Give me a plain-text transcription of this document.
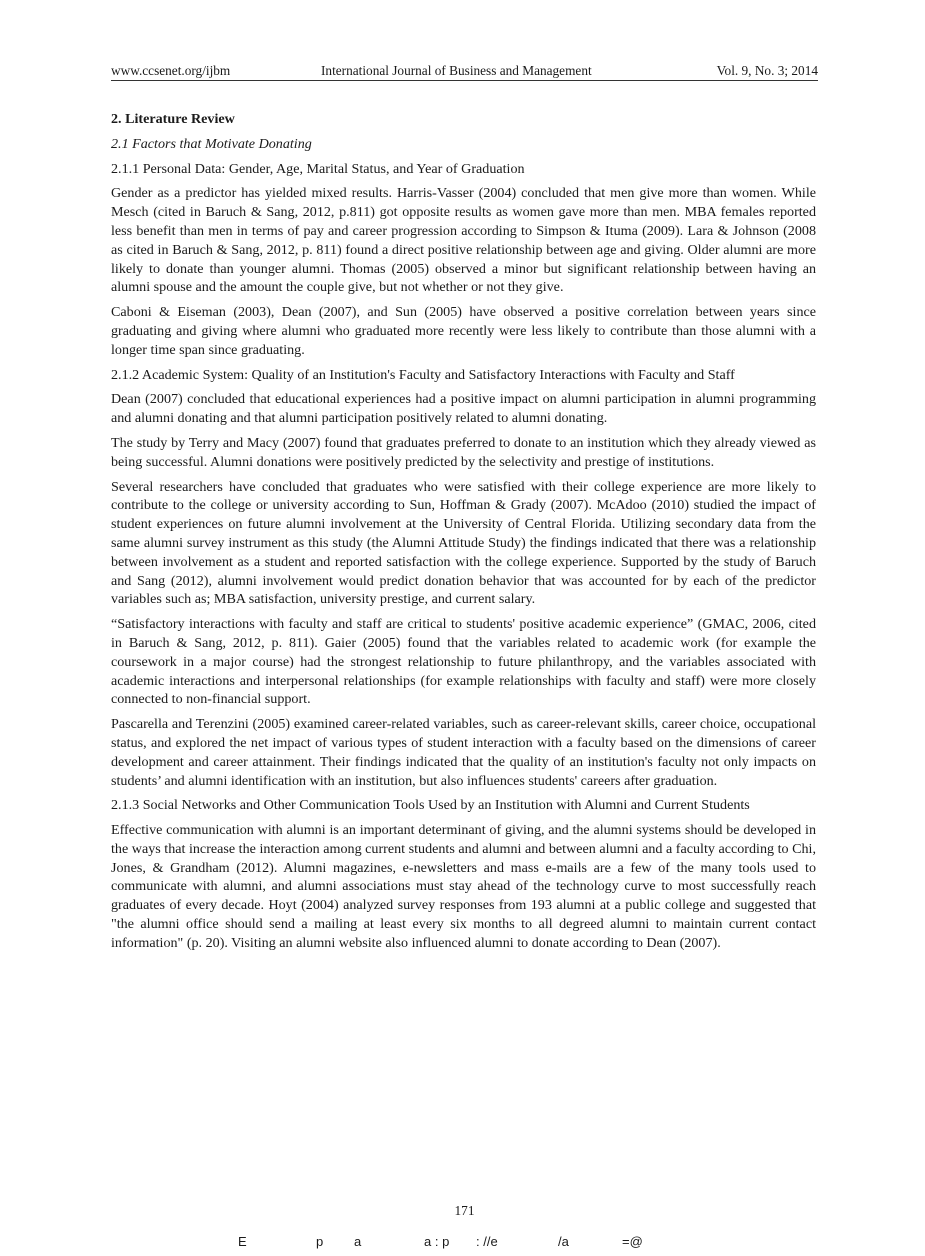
www.ccsenet.org/ijbm	International Journal of Business and Management	Vol. 9, No. 3; 2014
2. Literature Review
2.1 Factors that Motivate Donating
2.1.1 Personal Data: Gender, Age, Marital Status, and Year of Graduation

Gender as a predictor has yielded mixed results. Harris-Vasser (2004) concluded that men give more than women. While Mesch (cited in Baruch & Sang, 2012, p.811) got opposite results as women gave more than men. MBA females reported less benefit than men in terms of pay and career progression according to Simpson & Ituma (2009). Lara & Johnson (2008 as cited in Baruch & Sang, 2012, p. 811) found a direct positive relationship between age and giving. Older alumni are more likely to donate than younger alumni. Thomas (2005) observed a minor but significant relationship between having an alumni spouse and the amount the couple give, but not whether or not they give.

Caboni & Eiseman (2003), Dean (2007), and Sun (2005) have observed a positive correlation between years since graduating and giving where alumni who graduated more recently were less likely to contribute than those alumni with a longer time span since graduating.

2.1.2 Academic System: Quality of an Institution's Faculty and Satisfactory Interactions with Faculty and Staff

Dean (2007) concluded that educational experiences had a positive impact on alumni participation in alumni programming and alumni donating and that alumni participation positively related to alumni donating.

The study by Terry and Macy (2007) found that graduates preferred to donate to an institution which they already viewed as being successful. Alumni donations were positively predicted by the selectivity and prestige of institutions.

Several researchers have concluded that graduates who were satisfied with their college experience are more likely to contribute to the college or university according to Sun, Hoffman & Grady (2007). McAdoo (2010) studied the impact of student experiences on future alumni involvement at the University of Central Florida. Utilizing secondary data from the same alumni survey instrument as this study (the Alumni Attitude Study) the findings indicated that there was a relationship between involvement as a student and reported satisfaction with the college experience. Supported by the study of Baruch and Sang (2012), alumni involvement would predict donation behavior that was accounted for by each of the predictor variables such as; MBA satisfaction, university prestige, and current salary.

“Satisfactory interactions with faculty and staff are critical to students' positive academic experience” (GMAC, 2006, cited in Baruch & Sang, 2012, p. 811). Gaier (2005) found that the variables related to academic work (for example the coursework in a major course) had the strongest relationship to future philanthropy, and the variables associated with academic interactions and interpersonal relationships (for example relationships with faculty and staff) were more closely connected to non-financial support.

Pascarella and Terenzini (2005) examined career-related variables, such as career-relevant skills, career choice, occupational status, and explored the net impact of various types of student interaction with a faculty based on the dimensions of career development and career attainment. Their findings indicated that the quality of an institution's faculty not only impacts on students’ and alumni identification with an institution, but also influences students' careers after graduation.

2.1.3 Social Networks and Other Communication Tools Used by an Institution with Alumni and Current Students

Effective communication with alumni is an important determinant of giving, and the alumni systems should be developed in the ways that increase the interaction among current students and alumni and between alumni and a faculty according to Chi, Jones, & Grandham (2012). Alumni magazines, e-newsletters and mass e-mails are a few of the many tools used to communicate with alumni, and alumni associations must stay ahead of the technology curve to most successfully reach graduates of every decade. Hoyt (2004) analyzed survey responses from 193 alumni at a public college and suggested that "the alumni office should send a mailing at least every six months to all degreed alumni to maintain current contact information" (p. 20). Visiting an alumni website also influenced alumni to donate according to Dean (2007).

171
E	p a	a : p : //e	/a	=@
